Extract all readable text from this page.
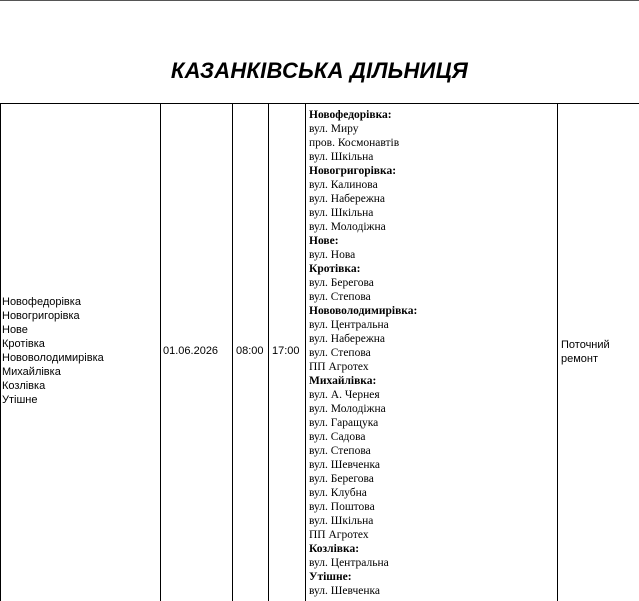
КАЗАНКІВСЬКА ДІЛЬНИЦЯ
Новофедорівка
Новогригорівка
Нове
Кротівка
Нововолодимирівка
Михайлівка
Козлівка
Утішне
01.06.2026 08:00 17:00	Поточний ремонт
Новофедорівка:
вул. Миру
пров. Космонавтів
вул. Шкільна
Новогригорівка:
вул. Калинова
вул. Набережна
вул. Шкільна
вул. Молодіжна
Нове:
вул. Нова
Кротівка:
вул. Берегова
вул. Степова
Нововолодимирівка:
вул. Центральна
вул. Набережна
вул. Степова
ПП Агротех
Михайлівка:
вул. А. Чернея
вул. Молодіжна
вул. Гаращука
вул. Садова
вул. Степова
вул. Шевченка
вул. Берегова
вул. Клубна
вул. Поштова
вул. Шкільна
ПП Агротех
Козлівка:
вул. Центральна
Утішне:
вул. Шевченка
